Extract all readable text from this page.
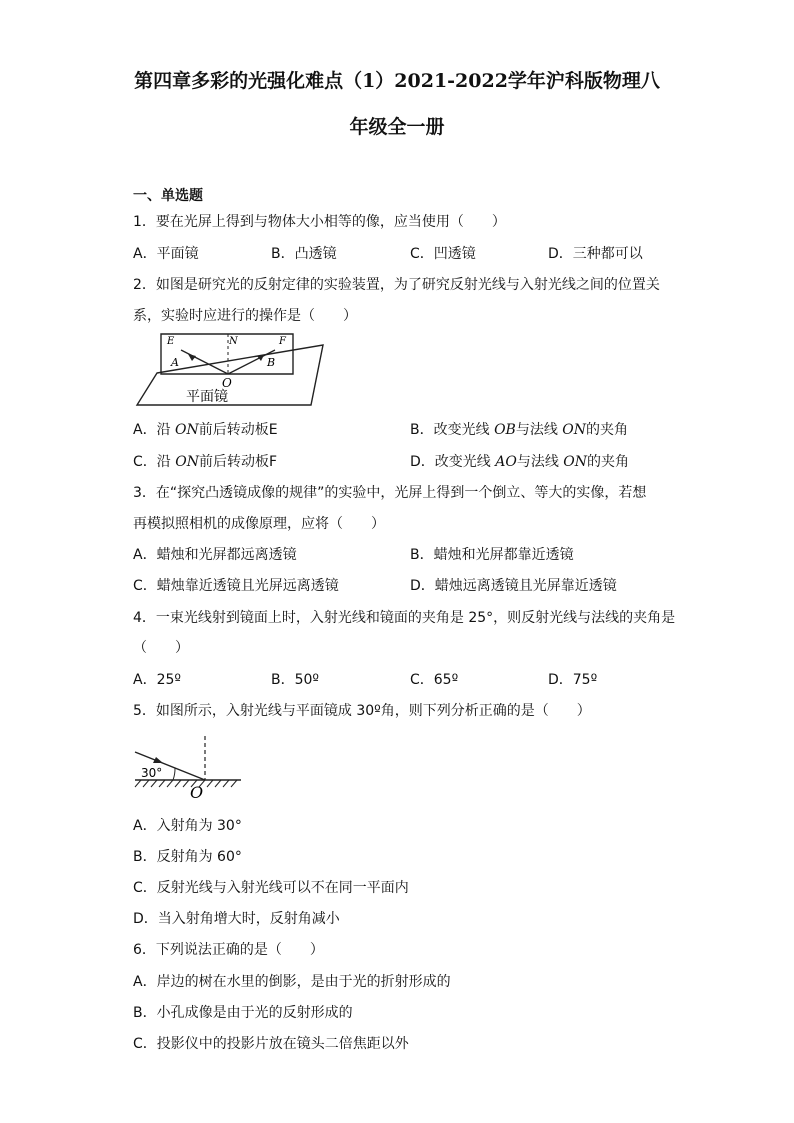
第四章多彩的光强化难点（1）2021-2022学年沪科版物理八
年级全一册
一、单选题
1．要在光屏上得到与物体大小相等的像，应当使用（　　）
A．平面镜	B．凸透镜	C．凹透镜	D．三种都可以
2．如图是研究光的反射定律的实验装置，为了研究反射光线与入射光线之间的位置关
系，实验时应进行的操作是（　　）
E	N	F
A	B
O
平面镜
A．沿 ON前后转动板E	B．改变光线 OB与法线 ON的夹角
C．沿 ON前后转动板F	D．改变光线 AO与法线 ON的夹角
3．在“探究凸透镜成像的规律”的实验中，光屏上得到一个倒立、等大的实像，若想
再模拟照相机的成像原理，应将（　　）
A．蜡烛和光屏都远离透镜	B．蜡烛和光屏都靠近透镜
C．蜡烛靠近透镜且光屏远离透镜	D．蜡烛远离透镜且光屏靠近透镜
4．一束光线射到镜面上时，入射光线和镜面的夹角是 25°，则反射光线与法线的夹角是
（　　）
A．25º	B．50º	C．65º	D．75º
5．如图所示，入射光线与平面镜成 30º角，则下列分析正确的是（　　）
30°
O
A．入射角为 30°
B．反射角为 60°
C．反射光线与入射光线可以不在同一平面内
D．当入射角增大时，反射角减小
6．下列说法正确的是（　　）
A．岸边的树在水里的倒影，是由于光的折射形成的
B．小孔成像是由于光的反射形成的
C．投影仪中的投影片放在镜头二倍焦距以外
